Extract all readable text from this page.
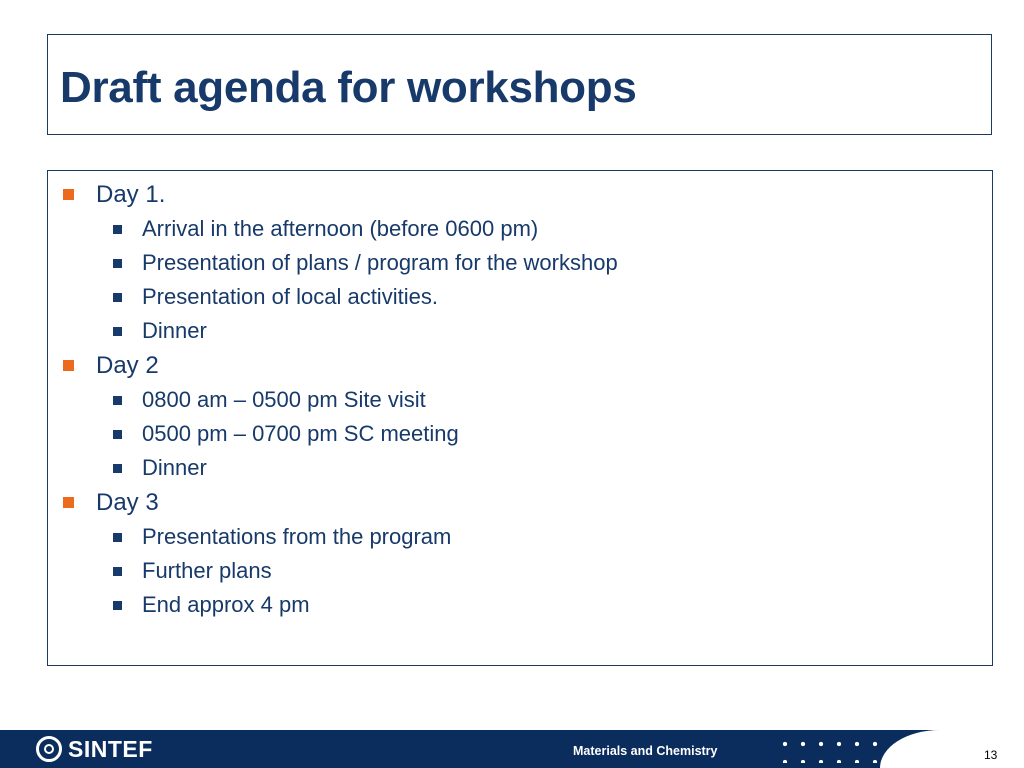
Draft agenda for workshops
Day 1.
Arrival in the afternoon (before 0600 pm)
Presentation of plans / program for the workshop
Presentation of local activities.
Dinner
Day 2
0800 am – 0500 pm Site visit
0500 pm – 0700 pm SC meeting
Dinner
Day 3
Presentations from the program
Further plans
End approx 4 pm
SINTEF	Materials and Chemistry	13
